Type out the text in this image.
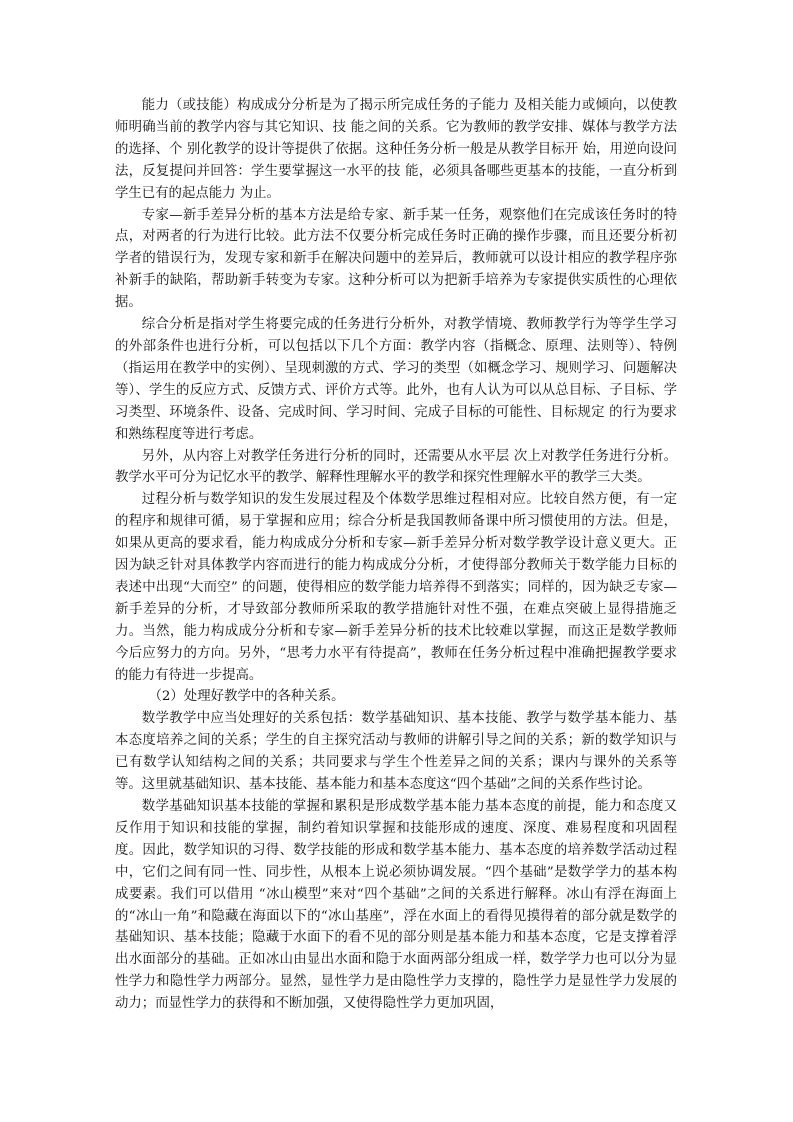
能力（或技能）构成成分分析是为了揭示所完成任务的子能力 及相关能力或倾向，以使教师明确当前的教学内容与其它知识、技 能之间的关系。它为教师的教学安排、媒体与教学方法的选择、个 别化教学的设计等提供了依据。这种任务分析一般是从教学目标开 始，用逆向设问法，反复提问并回答：学生要掌握这一水平的技 能，必须具备哪些更基本的技能，一直分析到学生已有的起点能力 为止。

专家—新手差异分析的基本方法是给专家、新手某一任务，观察他们在完成该任务时的特点，对两者的行为进行比较。此方法不仅要分析完成任务时正确的操作步骤，而且还要分析初学者的错误行为，发现专家和新手在解决问题中的差异后，教师就可以设计相应的教学程序弥补新手的缺陷，帮助新手转变为专家。这种分析可以为把新手培养为专家提供实质性的心理依据。

综合分析是指对学生将要完成的任务进行分析外，对教学情境、教师教学行为等学生学习的外部条件也进行分析，可以包括以下几个方面：教学内容（指概念、原理、法则等）、特例（指运用在教学中的实例）、呈现刺激的方式、学习的类型（如概念学习、规则学习、问题解决等）、学生的反应方式、反馈方式、评价方式等。此外，也有人认为可以从总目标、子目标、学习类型、环境条件、设备、完成时间、学习时间、完成子目标的可能性、目标规定 的行为要求和熟练程度等进行考虑。

另外，从内容上对教学任务进行分析的同时，还需要从水平层 次上对教学任务进行分析。教学水平可分为记忆水平的教学、解释性理解水平的教学和探究性理解水平的教学三大类。

过程分析与数学知识的发生发展过程及个体数学思维过程相对应。比较自然方便，有一定的程序和规律可循，易于掌握和应用；综合分析是我国教师备课中所习惯使用的方法。但是，如果从更高的要求看，能力构成成分分析和专家—新手差异分析对数学教学设计意义更大。正因为缺乏针对具体教学内容而进行的能力构成成分分析，才使得部分教师关于数学能力目标的表述中出现“大而空” 的问题，使得相应的数学能力培养得不到落实；同样的，因为缺乏专家—新手差异的分析，才导致部分教师所采取的教学措施针对性不强，在难点突破上显得措施乏力。当然，能力构成成分分析和专家—新手差异分析的技术比较难以掌握，而这正是数学教师今后应努力的方向。另外，“思考力水平有待提高”，教师在任务分析过程中准确把握教学要求的能力有待进一步提高。

（2）处理好教学中的各种关系。

数学教学中应当处理好的关系包括：数学基础知识、基本技能、教学与数学基本能力、基本态度培养之间的关系；学生的自主探究活动与教师的讲解引导之间的关系；新的数学知识与已有数学认知结构之间的关系；共同要求与学生个性差异之间的关系；课内与课外的关系等等。这里就基础知识、基本技能、基本能力和基本态度这“四个基础”之间的关系作些讨论。

数学基础知识基本技能的掌握和累积是形成数学基本能力基本态度的前提，能力和态度又反作用于知识和技能的掌握，制约着知识掌握和技能形成的速度、深度、难易程度和巩固程度。因此，数学知识的习得、数学技能的形成和数学基本能力、基本态度的培养数学活动过程中，它们之间有同一性、同步性，从根本上说必须协调发展。“四个基础”是数学学力的基本构成要素。我们可以借用 “冰山模型”来对“四个基础”之间的关系进行解释。冰山有浮在海面上的“冰山一角”和隐藏在海面以下的“冰山基座”，浮在水面上的看得见摸得着的部分就是数学的基础知识、基本技能；隐藏于水面下的看不见的部分则是基本能力和基本态度，它是支撑着浮出水面部分的基础。正如冰山由显出水面和隐于水面两部分组成一样，数学学力也可以分为显性学力和隐性学力两部分。显然，显性学力是由隐性学力支撑的，隐性学力是显性学力发展的动力；而显性学力的获得和不断加强，又使得隐性学力更加巩固，
